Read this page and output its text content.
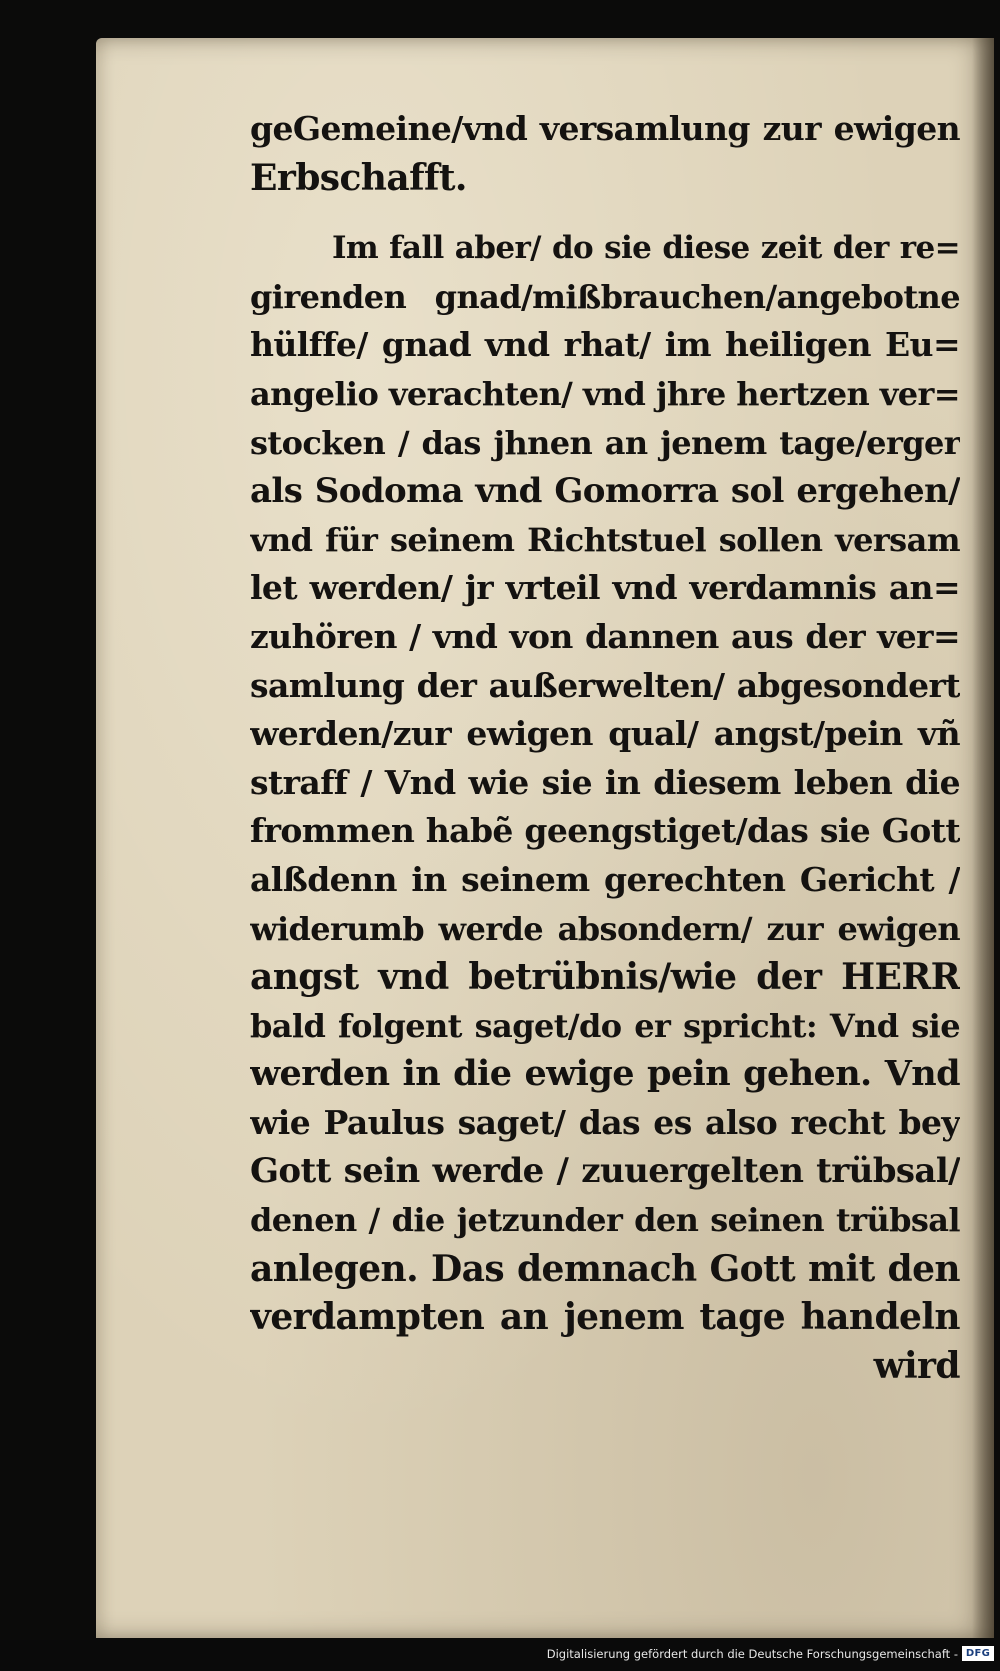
geGemeine/vnd versamlung zur ewigen
Erbschafft.
Im fall aber/ do sie diese zeit der re=
girenden gnad/mißbrauchen/angebotne
hülffe/ gnad vnd rhat/ im heiligen Eu=
angelio verachten/ vnd jhre hertzen ver=
stocken / das jhnen an jenem tage/erger
als Sodoma vnd Gomorra sol ergehen/
vnd für seinem Richtstuel sollen versam
let werden/ jr vrteil vnd verdamnis an=
zuhören / vnd von dannen aus der ver=
samlung der außerwelten/ abgesondert
werden/zur ewigen qual/ angst/pein vñ
straff / Vnd wie sie in diesem leben die
frommen habẽ geengstiget/das sie Gott
alßdenn in seinem gerechten Gericht /
widerumb werde absondern/ zur ewigen
angst vnd betrübnis/wie der HERR
bald folgent saget/do er spricht: Vnd sie
werden in die ewige pein gehen. Vnd
wie Paulus saget/ das es also recht bey
Gott sein werde / zuuergelten trübsal/
denen / die jetzunder den seinen trübsal
anlegen. Das demnach Gott mit den
verdampten an jenem tage handeln
wird
Digitalisierung gefördert durch die Deutsche Forschungsgemeinschaft - DFG
